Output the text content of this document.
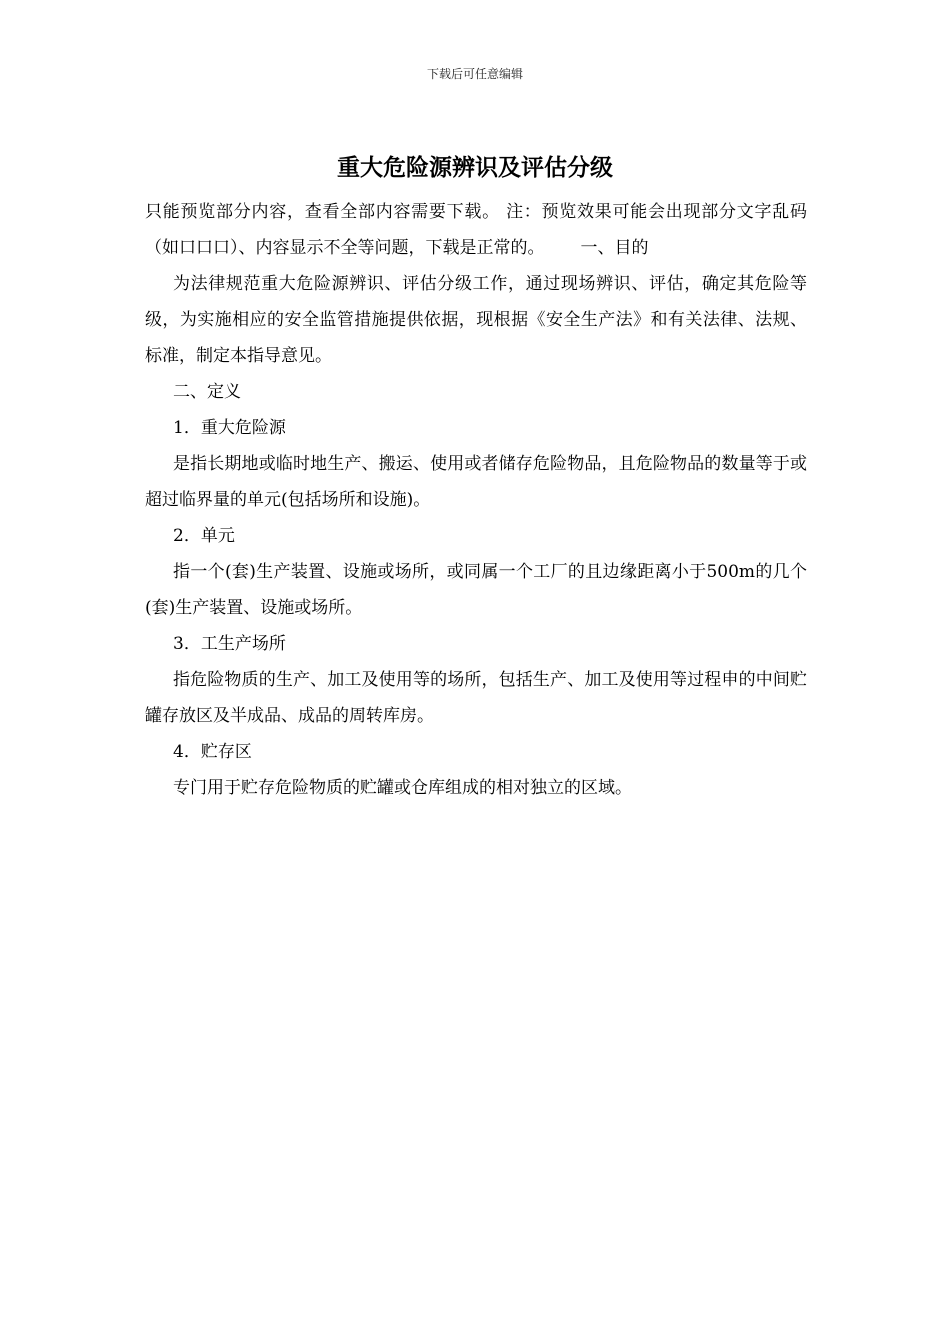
下载后可任意编辑
重大危险源辨识及评估分级

只能预览部分内容，查看全部内容需要下载。 注：预览效果可能会出现部分文字乱码（如口口口）、内容显示不全等问题，下载是正常的。 一、目的

为法律规范重大危险源辨识、评估分级工作，通过现场辨识、评估，确定其危险等级，为实施相应的安全监管措施提供依据，现根据《安全生产法》和有关法律、法规、标准，制定本指导意见。

二、定义

1．重大危险源

是指长期地或临时地生产、搬运、使用或者储存危险物品，且危险物品的数量等于或超过临界量的单元(包括场所和设施)。

2．单元

指一个(套)生产装置、设施或场所，或同属一个工厂的且边缘距离小于500m的几个(套)生产装置、设施或场所。

3．工生产场所

指危险物质的生产、加工及使用等的场所，包括生产、加工及使用等过程申的中间贮罐存放区及半成品、成品的周转库房。

4．贮存区

专门用于贮存危险物质的贮罐或仓库组成的相对独立的区域。
